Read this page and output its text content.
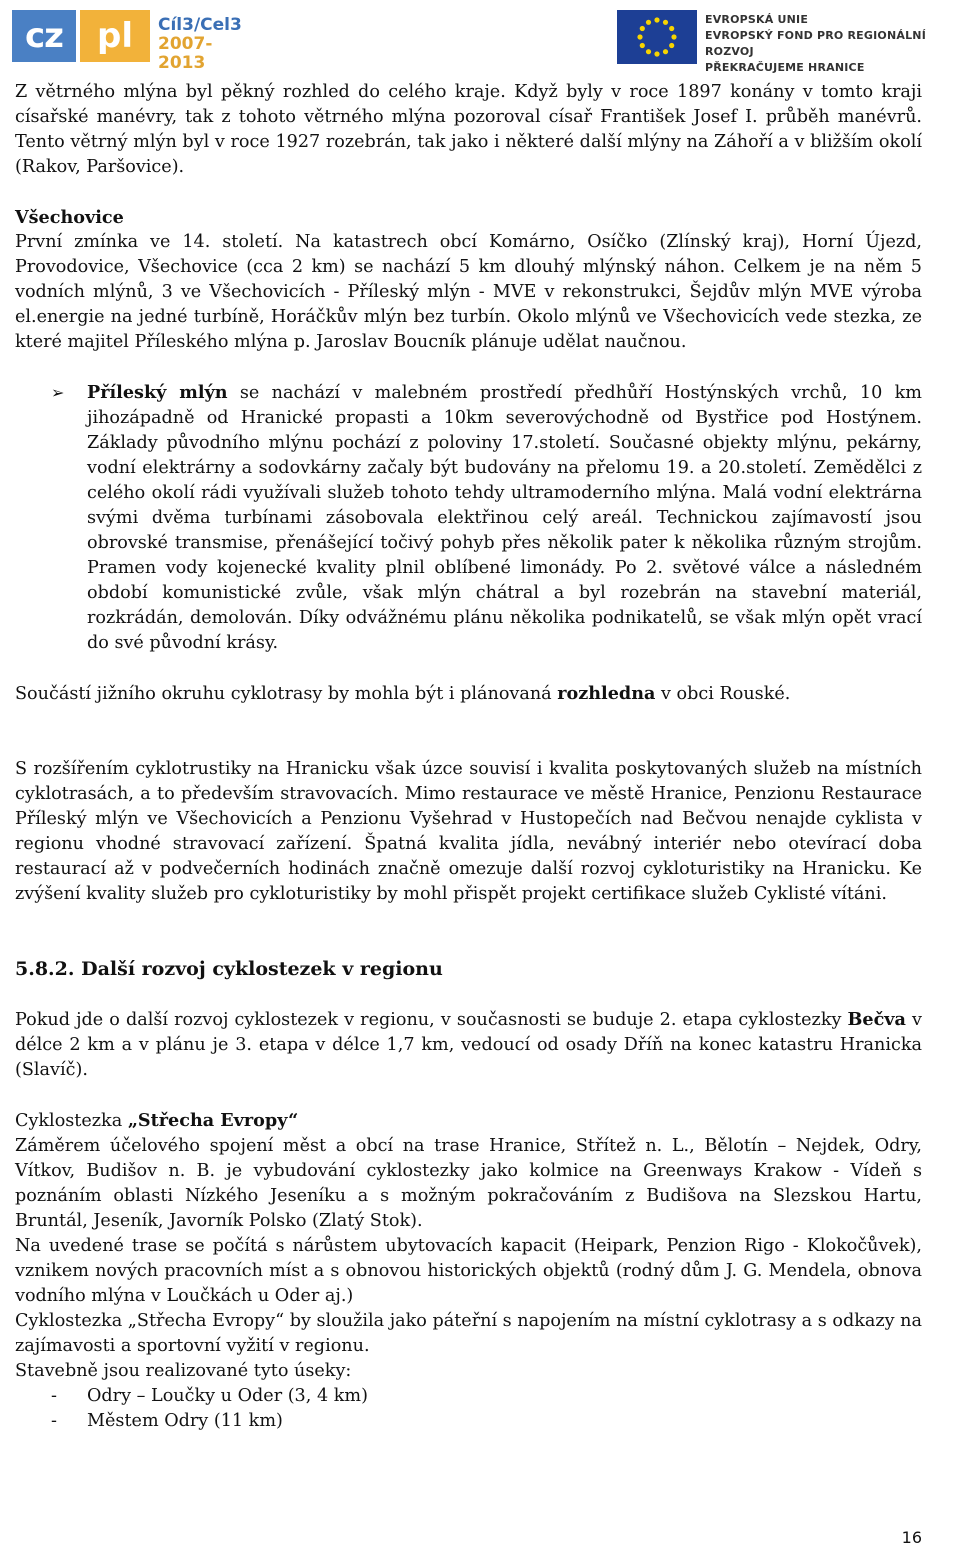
cz	pl	Cíl3/Cel3
2007-2013
EVROPSKÁ UNIE
EVROPSKÝ FOND PRO REGIONÁLNÍ ROZVOJ
PŘEKRAČUJEME HRANICE

Z větrného mlýna byl pěkný rozhled do celého kraje. Když byly v roce 1897 konány v tomto kraji císařské manévry, tak z tohoto větrného mlýna pozoroval císař František Josef I. průběh manévrů. Tento větrný mlýn byl v roce 1927 rozebrán, tak jako i některé další mlýny na Záhoří a v bližším okolí (Rakov, Paršovice).

Všechovice

První zmínka ve 14. století. Na katastrech obcí Komárno, Osíčko (Zlínský kraj), Horní Újezd, Provodovice, Všechovice (cca 2 km) se nachází 5 km dlouhý mlýnský náhon. Celkem je na něm 5 vodních mlýnů, 3 ve Všechovicích - Příleský mlýn - MVE v rekonstrukci, Šejdův mlýn MVE výroba el.energie na jedné turbíně, Horáčkův mlýn bez turbín. Okolo mlýnů ve Všechovicích vede stezka, ze které majitel Příleského mlýna p. Jaroslav Boucník plánuje udělat naučnou.

➢ Příleský mlýn se nachází v malebném prostředí předhůří Hostýnských vrchů, 10 km jihozápadně od Hranické propasti a 10km severovýchodně od Bystřice pod Hostýnem. Základy původního mlýnu pochází z poloviny 17.století. Současné objekty mlýnu, pekárny, vodní elektrárny a sodovkárny začaly být budovány na přelomu 19. a 20.století. Zemědělci z celého okolí rádi využívali služeb tohoto tehdy ultramoderního mlýna. Malá vodní elektrárna svými dvěma turbínami zásobovala elektřinou celý areál. Technickou zajímavostí jsou obrovské transmise, přenášející točivý pohyb přes několik pater k několika různým strojům. Pramen vody kojenecké kvality plnil oblíbené limonády. Po 2. světové válce a následném období komunistické zvůle, však mlýn chátral a byl rozebrán na stavební materiál, rozkrádán, demolován. Díky odvážnému plánu několika podnikatelů, se však mlýn opět vrací do své původní krásy.

Součástí jižního okruhu cyklotrasy by mohla být i plánovaná rozhledna v obci Rouské.

S rozšířením cyklotrustiky na Hranicku však úzce souvisí i kvalita poskytovaných služeb na místních cyklotrasách, a to především stravovacích. Mimo restaurace ve městě Hranice, Penzionu Restaurace Příleský mlýn ve Všechovicích a Penzionu Vyšehrad v Hustopečích nad Bečvou nenajde cyklista v regionu vhodné stravovací zařízení. Špatná kvalita jídla, nevábný interiér nebo otevírací doba restaurací až v podvečerních hodinách značně omezuje další rozvoj cykloturistiky na Hranicku. Ke zvýšení kvality služeb pro cykloturistiky by mohl přispět projekt certifikace služeb Cyklisté vítáni.

5.8.2. Další rozvoj cyklostezek v regionu

Pokud jde o další rozvoj cyklostezek v regionu, v současnosti se buduje 2. etapa cyklostezky Bečva v délce 2 km a v plánu je 3. etapa v délce 1,7 km, vedoucí od osady Dříň na konec katastru Hranicka (Slavíč).

Cyklostezka „Střecha Evropy“

Záměrem účelového spojení měst a obcí na trase Hranice, Střítež n. L., Bělotín – Nejdek, Odry, Vítkov, Budišov n. B. je vybudování cyklostezky jako kolmice na Greenways Krakow - Vídeň s poznáním oblasti Nízkého Jeseníku a s možným pokračováním z Budišova na Slezskou Hartu, Bruntál, Jeseník, Javorník Polsko (Zlatý Stok).

Na uvedené trase se počítá s nárůstem ubytovacích kapacit (Heipark, Penzion Rigo - Klokočůvek), vznikem nových pracovních míst a s obnovou historických objektů (rodný dům J. G. Mendela, obnova vodního mlýna v Loučkách u Oder aj.)

Cyklostezka „Střecha Evropy“ by sloužila jako páteřní s napojením na místní cyklotrasy a s odkazy na zajímavosti a sportovní vyžití v regionu.

Stavebně jsou realizované tyto úseky:

- Odry – Loučky u Oder (3, 4 km)
- Městem Odry (11 km)
16
